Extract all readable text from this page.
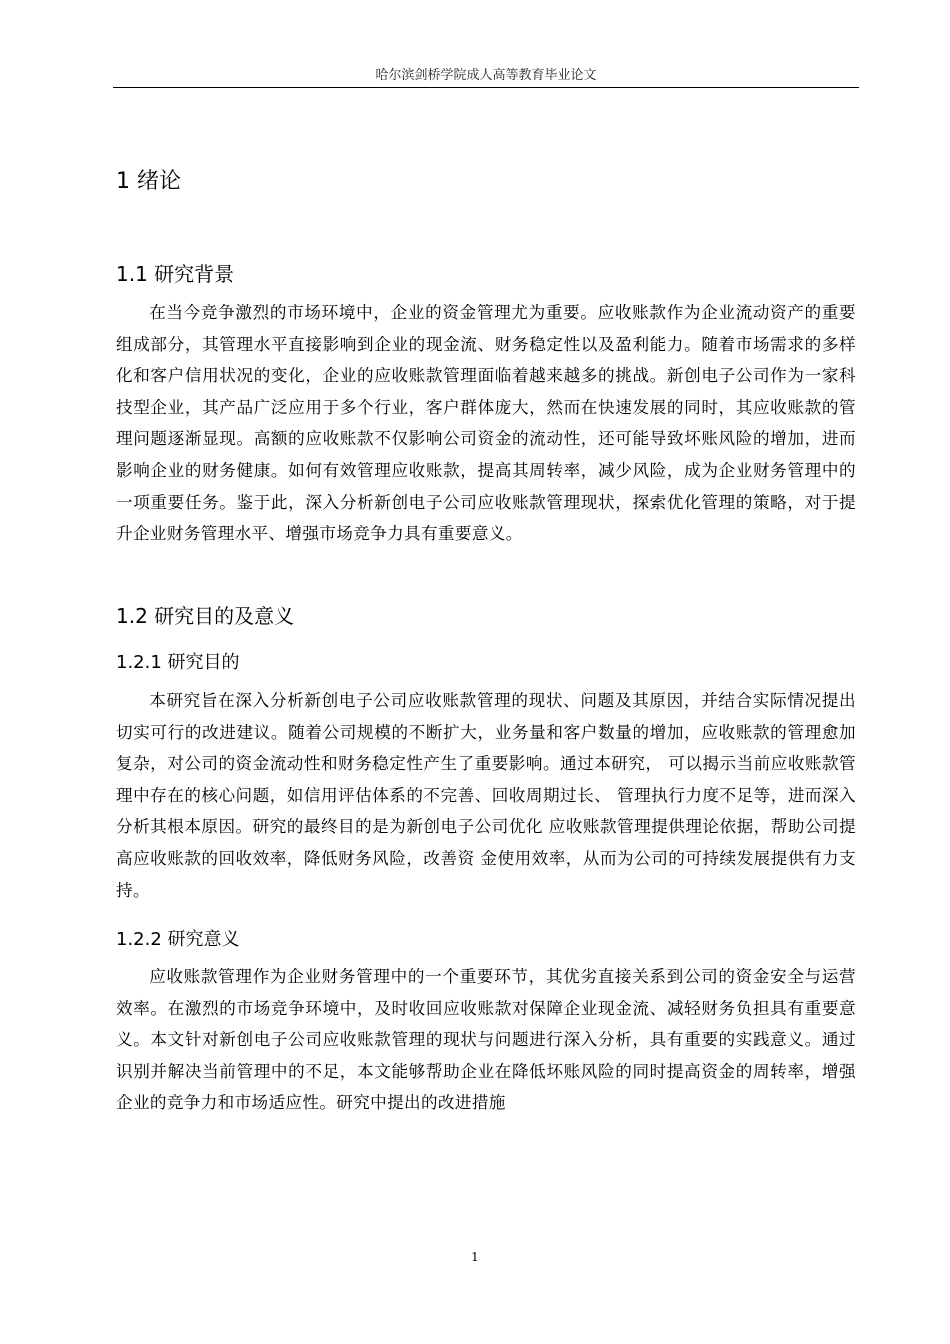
哈尔滨剑桥学院成人高等教育毕业论文
1 绪论
1.1 研究背景

在当今竞争激烈的市场环境中，企业的资金管理尤为重要。应收账款作为企业流动资产的重要组成部分，其管理水平直接影响到企业的现金流、财务稳定性以及盈利能力。随着市场需求的多样化和客户信用状况的变化，企业的应收账款管理面临着越来越多的挑战。新创电子公司作为一家科技型企业，其产品广泛应用于多个行业，客户群体庞大，然而在快速发展的同时，其应收账款的管理问题逐渐显现。高额的应收账款不仅影响公司资金的流动性，还可能导致坏账风险的增加，进而影响企业的财务健康。如何有效管理应收账款，提高其周转率，减少风险，成为企业财务管理中的一项重要任务。鉴于此，深入分析新创电子公司应收账款管理现状，探索优化管理的策略，对于提升企业财务管理水平、增强市场竞争力具有重要意义。

1.2 研究目的及意义
1.2.1 研究目的

本研究旨在深入分析新创电子公司应收账款管理的现状、问题及其原因，并结合实际情况提出切实可行的改进建议。随着公司规模的不断扩大，业务量和客户数量的增加，应收账款的管理愈加复杂，对公司的资金流动性和财务稳定性产生了重要影响。通过本研究， 可以揭示当前应收账款管理中存在的核心问题，如信用评估体系的不完善、回收周期过长、 管理执行力度不足等，进而深入分析其根本原因。研究的最终目的是为新创电子公司优化 应收账款管理提供理论依据，帮助公司提高应收账款的回收效率，降低财务风险，改善资 金使用效率，从而为公司的可持续发展提供有力支持。

1.2.2 研究意义

应收账款管理作为企业财务管理中的一个重要环节，其优劣直接关系到公司的资金安全与运营效率。在激烈的市场竞争环境中，及时收回应收账款对保障企业现金流、减轻财务负担具有重要意义。本文针对新创电子公司应收账款管理的现状与问题进行深入分析，具有重要的实践意义。通过识别并解决当前管理中的不足，本文能够帮助企业在降低坏账风险的同时提高资金的周转率，增强企业的竞争力和市场适应性。研究中提出的改进措施

1
